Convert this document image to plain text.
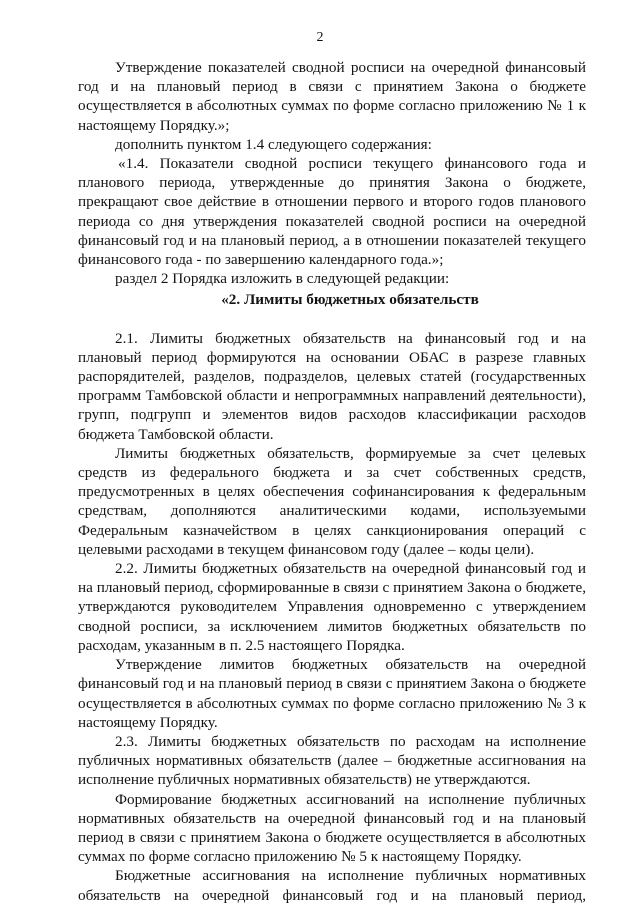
2

Утверждение показателей сводной росписи на очередной финансовый год и на плановый период в связи с принятием Закона о бюджете осуществляется в абсолютных суммах по форме согласно приложению № 1 к настоящему Порядку.»;

дополнить пунктом 1.4 следующего содержания:

«1.4. Показатели сводной росписи текущего финансового года и планового периода, утвержденные до принятия Закона о бюджете, прекращают свое действие в отношении первого и второго годов планового периода со дня утверждения показателей сводной росписи на очередной финансовый год и на плановый период, а в отношении показателей текущего финансового года - по завершению календарного года.»;

раздел 2 Порядка изложить в следующей редакции:

«2. Лимиты бюджетных обязательств

2.1. Лимиты бюджетных обязательств на финансовый год и на плановый период формируются на основании ОБАС в разрезе главных распорядителей, разделов, подразделов, целевых статей (государственных программ Тамбовской области и непрограммных направлений деятельности), групп, подгрупп и элементов видов расходов классификации расходов бюджета Тамбовской области.

Лимиты бюджетных обязательств, формируемые за счет целевых средств из федерального бюджета и за счет собственных средств, предусмотренных в целях обеспечения софинансирования к федеральным средствам, дополняются аналитическими кодами, используемыми Федеральным казначейством в целях санкционирования операций с целевыми расходами в текущем финансовом году (далее – коды цели).

2.2. Лимиты бюджетных обязательств на очередной финансовый год и на плановый период, сформированные в связи с принятием Закона о бюджете, утверждаются руководителем Управления одновременно с утверждением сводной росписи, за исключением лимитов бюджетных обязательств по расходам, указанным в п. 2.5 настоящего Порядка.

Утверждение лимитов бюджетных обязательств на очередной финансовый год и на плановый период в связи с принятием Закона о бюджете осуществляется в абсолютных суммах по форме согласно приложению № 3 к настоящему Порядку.

2.3. Лимиты бюджетных обязательств по расходам на исполнение публичных нормативных обязательств (далее – бюджетные ассигнования на исполнение публичных нормативных обязательств) не утверждаются.

Формирование бюджетных ассигнований на исполнение публичных нормативных обязательств на очередной финансовый год и на плановый период в связи с принятием Закона о бюджете осуществляется в абсолютных суммах по форме согласно приложению № 5 к настоящему Порядку.

Бюджетные ассигнования на исполнение публичных нормативных обязательств на очередной финансовый год и на плановый период,
